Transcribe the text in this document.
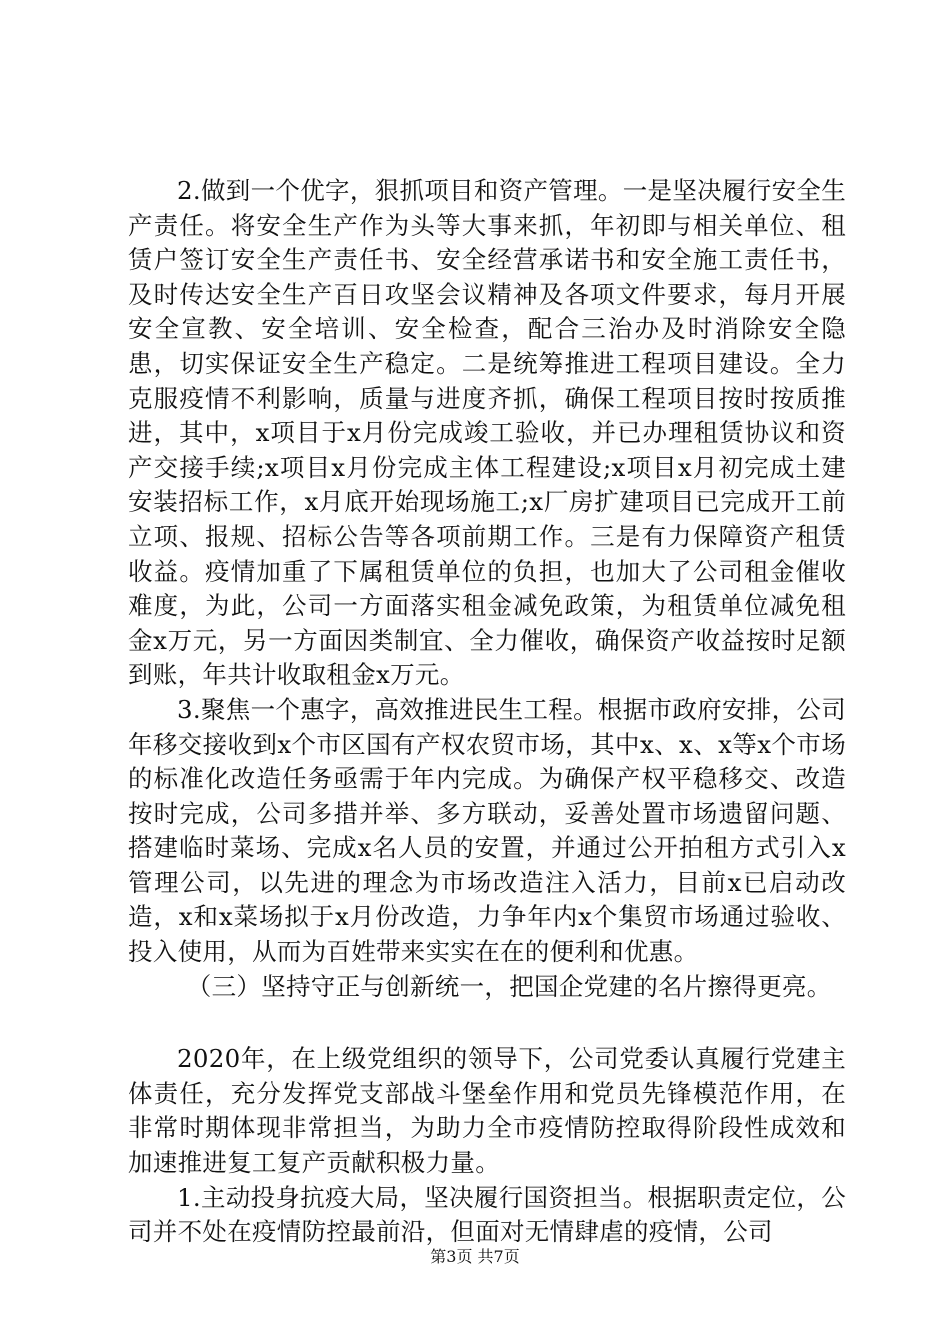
2.做到一个优字，狠抓项目和资产管理。一是坚决履行安全生产责任。将安全生产作为头等大事来抓，年初即与相关单位、租赁户签订安全生产责任书、安全经营承诺书和安全施工责任书，及时传达安全生产百日攻坚会议精神及各项文件要求，每月开展安全宣教、安全培训、安全检查，配合三治办及时消除安全隐患，切实保证安全生产稳定。二是统筹推进工程项目建设。全力克服疫情不利影响，质量与进度齐抓，确保工程项目按时按质推进，其中，x项目于x月份完成竣工验收，并已办理租赁协议和资产交接手续;x项目x月份完成主体工程建设;x项目x月初完成土建安装招标工作，x月底开始现场施工;x厂房扩建项目已完成开工前立项、报规、招标公告等各项前期工作。三是有力保障资产租赁收益。疫情加重了下属租赁单位的负担，也加大了公司租金催收难度，为此，公司一方面落实租金减免政策，为租赁单位减免租金x万元，另一方面因类制宜、全力催收，确保资产收益按时足额到账，年共计收取租金x万元。

3.聚焦一个惠字，高效推进民生工程。根据市政府安排，公司年移交接收到x个市区国有产权农贸市场，其中x、x、x等x个市场的标准化改造任务亟需于年内完成。为确保产权平稳移交、改造按时完成，公司多措并举、多方联动，妥善处置市场遗留问题、搭建临时菜场、完成x名人员的安置，并通过公开拍租方式引入x管理公司，以先进的理念为市场改造注入活力，目前x已启动改造，x和x菜场拟于x月份改造，力争年内x个集贸市场通过验收、投入使用，从而为百姓带来实实在在的便利和优惠。

（三）坚持守正与创新统一，把国企党建的名片擦得更亮。

2020年，在上级党组织的领导下，公司党委认真履行党建主体责任，充分发挥党支部战斗堡垒作用和党员先锋模范作用，在非常时期体现非常担当，为助力全市疫情防控取得阶段性成效和加速推进复工复产贡献积极力量。

1.主动投身抗疫大局，坚决履行国资担当。根据职责定位，公司并不处在疫情防控最前沿，但面对无情肆虐的疫情，公司

第3页 共7页
